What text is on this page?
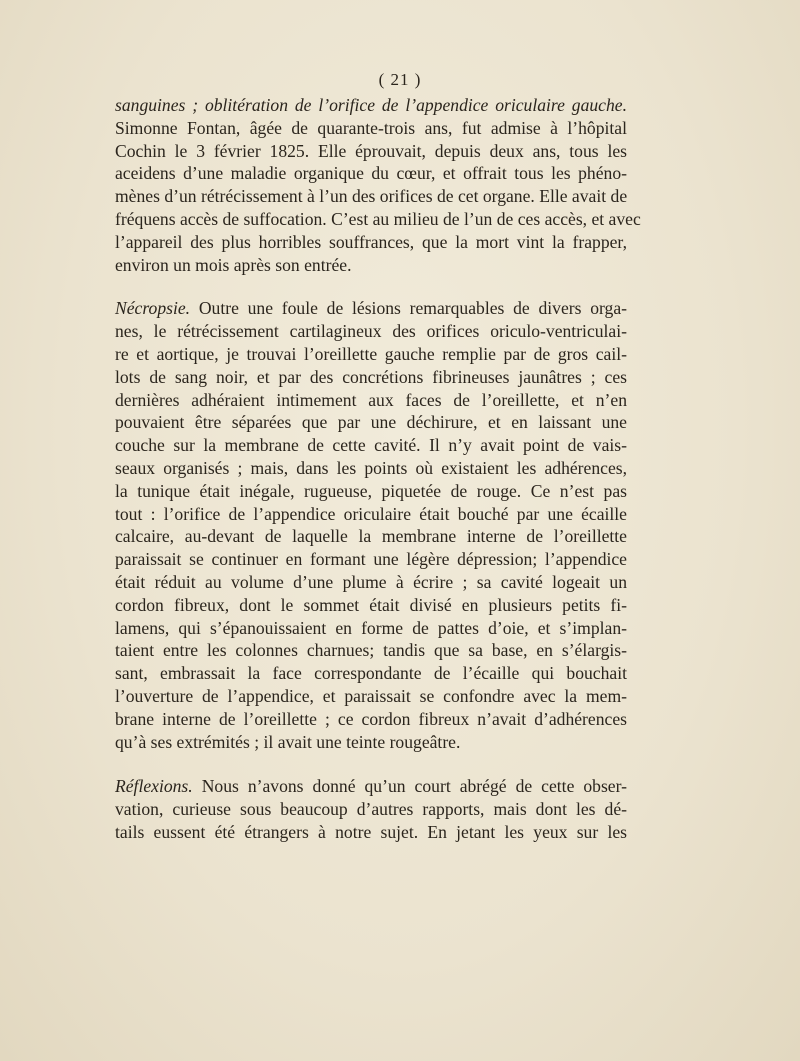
( 21 )
sanguines ; oblitération de l’orifice de l’appendice oriculaire gauche.
Simonne Fontan, âgée de quarante-trois ans, fut admise à l’hôpital
Cochin le 3 février 1825. Elle éprouvait, depuis deux ans, tous les
aceidens d’une maladie organique du cœur, et offrait tous les phéno-
mènes d’un rétrécissement à l’un des orifices de cet organe. Elle avait de
fréquens accès de suffocation. C’est au milieu de l’un de ces accès, et avec
l’appareil des plus horribles souffrances, que la mort vint la frapper,
environ un mois après son entrée.
Nécropsie. Outre une foule de lésions remarquables de divers orga-
nes, le rétrécissement cartilagineux des orifices oriculo-ventriculai-
re et aortique, je trouvai l’oreillette gauche remplie par de gros cail-
lots de sang noir, et par des concrétions fibrineuses jaunâtres ; ces
dernières adhéraient intimement aux faces de l’oreillette, et n’en
pouvaient être séparées que par une déchirure, et en laissant une
couche sur la membrane de cette cavité. Il n’y avait point de vais-
seaux organisés ; mais, dans les points où existaient les adhérences,
la tunique était inégale, rugueuse, piquetée de rouge. Ce n’est pas
tout : l’orifice de l’appendice oriculaire était bouché par une écaille
calcaire, au-devant de laquelle la membrane interne de l’oreillette
paraissait se continuer en formant une légère dépression; l’appendice
était réduit au volume d’une plume à écrire ; sa cavité logeait un
cordon fibreux, dont le sommet était divisé en plusieurs petits fi-
lamens, qui s’épanouissaient en forme de pattes d’oie, et s’implan-
taient entre les colonnes charnues; tandis que sa base, en s’élargis-
sant, embrassait la face correspondante de l’écaille qui bouchait
l’ouverture de l’appendice, et paraissait se confondre avec la mem-
brane interne de l’oreillette ; ce cordon fibreux n’avait d’adhérences
qu’à ses extrémités ; il avait une teinte rougeâtre.
Réflexions. Nous n’avons donné qu’un court abrégé de cette obser-
vation, curieuse sous beaucoup d’autres rapports, mais dont les dé-
tails eussent été étrangers à notre sujet. En jetant les yeux sur les
